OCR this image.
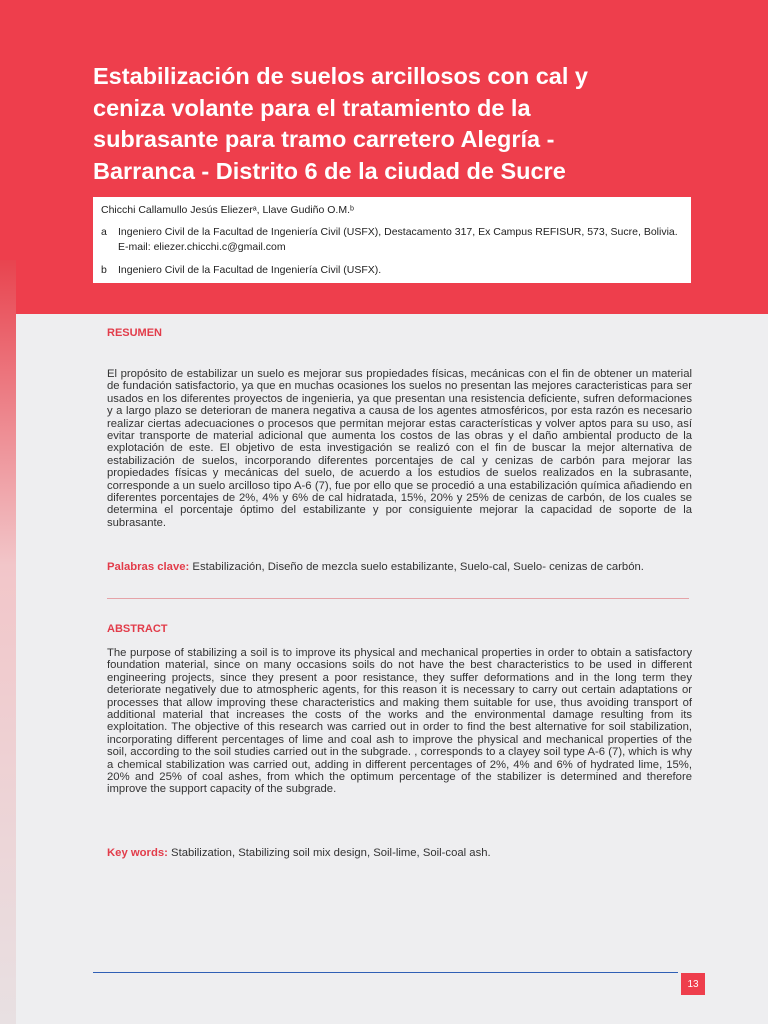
Estabilización de suelos arcillosos con cal y ceniza volante para el tratamiento de la subrasante para tramo carretero Alegría - Barranca - Distrito 6 de la ciudad de Sucre
Chicchi Callamullo Jesús Eliezerᵃ, Llave Gudiño O.M.ᵇ
a Ingeniero Civil de la Facultad de Ingeniería Civil (USFX), Destacamento 317, Ex Campus REFISUR, 573, Sucre, Bolivia. E-mail: eliezer.chicchi.c@gmail.com
b Ingeniero Civil de la Facultad de Ingeniería Civil (USFX).
RESUMEN
El propósito de estabilizar un suelo es mejorar sus propiedades físicas, mecánicas con el fin de obtener un material de fundación satisfactorio, ya que en muchas ocasiones los suelos no presentan las mejores caracteristicas para ser usados en los diferentes proyectos de ingenieria, ya que presentan una resistencia deficiente, sufren deformaciones y a largo plazo se deterioran de manera negativa a causa de los agentes atmosféricos, por esta razón es necesario realizar ciertas adecuaciones o procesos que permitan mejorar estas características y volver aptos para su uso, así evitar transporte de material adicional que aumenta los costos de las obras y el daño ambiental producto de la explotación de este. El objetivo de esta investigación se realizó con el fin de buscar la mejor alternativa de estabilización de suelos, incorporando diferentes porcentajes de cal y cenizas de carbón para mejorar las propiedades físicas y mecánicas del suelo, de acuerdo a los estudios de suelos realizados en la subrasante, corresponde a un suelo arcilloso tipo A-6 (7), fue por ello que se procedió a una estabilización química añadiendo en diferentes porcentajes de 2%, 4% y 6% de cal hidratada, 15%, 20% y 25% de cenizas de carbón, de los cuales se determina el porcentaje óptimo del estabilizante y por consiguiente mejorar la capacidad de soporte de la subrasante.
Palabras clave: Estabilización, Diseño de mezcla suelo estabilizante, Suelo-cal, Suelo- cenizas de carbón.
ABSTRACT
The purpose of stabilizing a soil is to improve its physical and mechanical properties in order to obtain a satisfactory foundation material, since on many occasions soils do not have the best characteristics to be used in different engineering projects, since they present a poor resistance, they suffer deformations and in the long term they deteriorate negatively due to atmospheric agents, for this reason it is necessary to carry out certain adaptations or processes that allow improving these characteristics and making them suitable for use, thus avoiding transport of additional material that increases the costs of the works and the environmental damage resulting from its exploitation. The objective of this research was carried out in order to find the best alternative for soil stabilization, incorporating different percentages of lime and coal ash to improve the physical and mechanical properties of the soil, according to the soil studies carried out in the subgrade. , corresponds to a clayey soil type A-6 (7), which is why a chemical stabilization was carried out, adding in different percentages of 2%, 4% and 6% of hydrated lime, 15%, 20% and 25% of coal ashes, from which the optimum percentage of the stabilizer is determined and therefore improve the support capacity of the subgrade.
Key words: Stabilization, Stabilizing soil mix design, Soil-lime, Soil-coal ash.
13
